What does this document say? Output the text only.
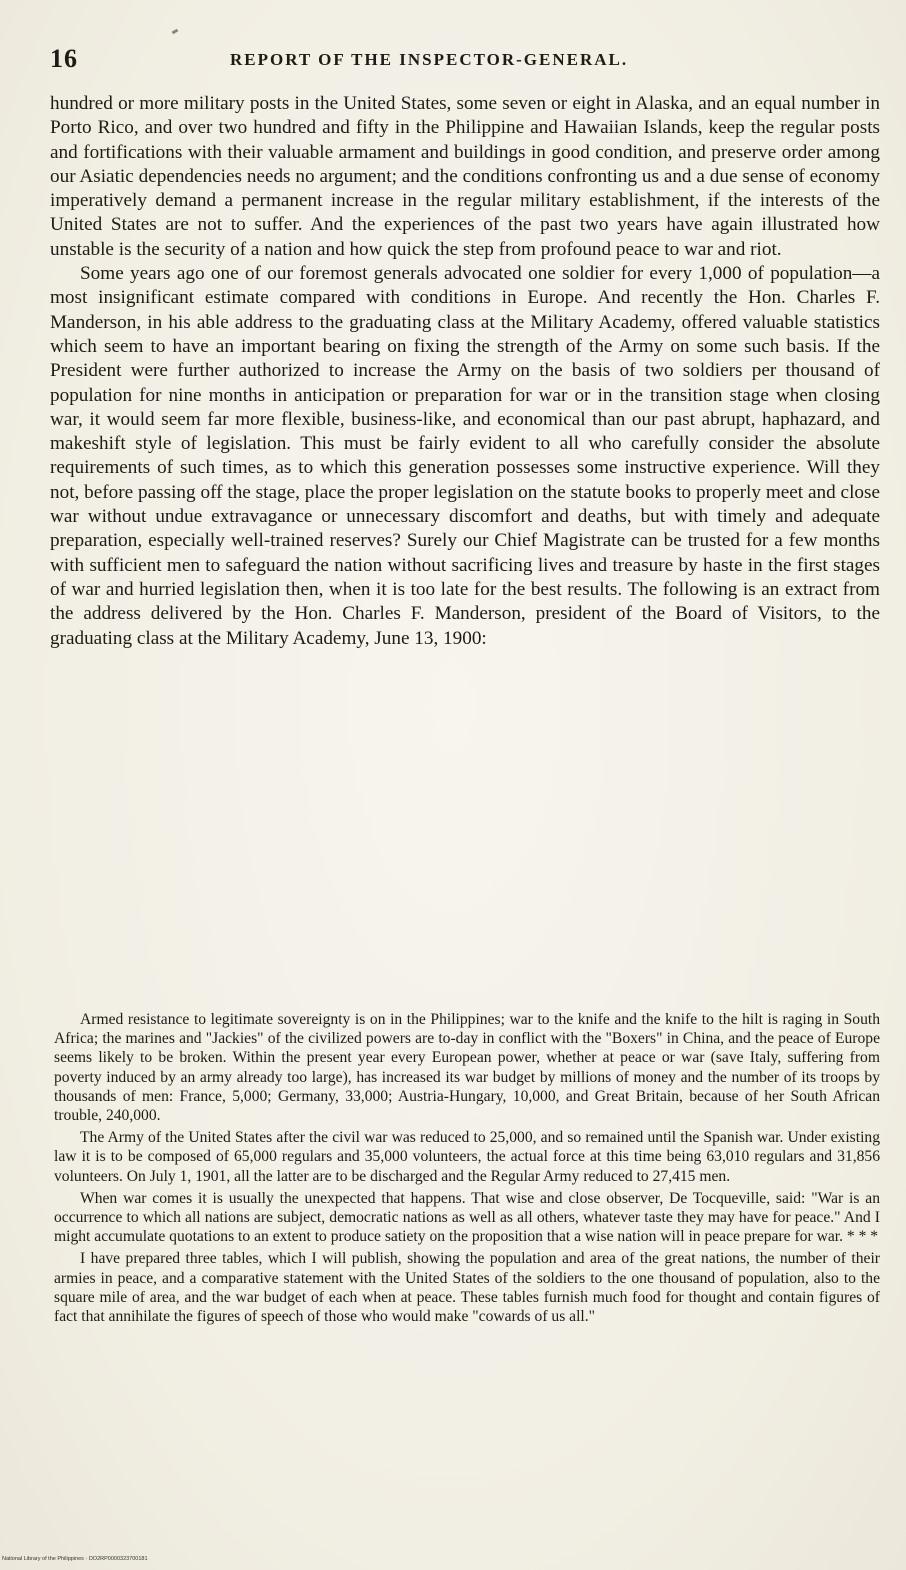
16	REPORT OF THE INSPECTOR-GENERAL.

hundred or more military posts in the United States, some seven or eight in Alaska, and an equal number in Porto Rico, and over two hundred and fifty in the Philippine and Hawaiian Islands, keep the regular posts and fortifications with their valuable armament and buildings in good condition, and preserve order among our Asiatic dependencies needs no argument; and the conditions confronting us and a due sense of economy imperatively demand a permanent increase in the regular military establishment, if the interests of the United States are not to suffer. And the experiences of the past two years have again illustrated how unstable is the security of a nation and how quick the step from profound peace to war and riot.

Some years ago one of our foremost generals advocated one soldier for every 1,000 of population—a most insignificant estimate compared with conditions in Europe. And recently the Hon. Charles F. Manderson, in his able address to the graduating class at the Military Academy, offered valuable statistics which seem to have an important bearing on fixing the strength of the Army on some such basis. If the President were further authorized to increase the Army on the basis of two soldiers per thousand of population for nine months in anticipation or preparation for war or in the transition stage when closing war, it would seem far more flexible, business-like, and economical than our past abrupt, haphazard, and makeshift style of legislation. This must be fairly evident to all who carefully consider the absolute requirements of such times, as to which this generation possesses some instructive experience. Will they not, before passing off the stage, place the proper legislation on the statute books to properly meet and close war without undue extravagance or unnecessary discomfort and deaths, but with timely and adequate preparation, especially well-trained reserves? Surely our Chief Magistrate can be trusted for a few months with sufficient men to safeguard the nation without sacrificing lives and treasure by haste in the first stages of war and hurried legislation then, when it is too late for the best results. The following is an extract from the address delivered by the Hon. Charles F. Manderson, president of the Board of Visitors, to the graduating class at the Military Academy, June 13, 1900:

Armed resistance to legitimate sovereignty is on in the Philippines; war to the knife and the knife to the hilt is raging in South Africa; the marines and "Jackies" of the civilized powers are to-day in conflict with the "Boxers" in China, and the peace of Europe seems likely to be broken. Within the present year every European power, whether at peace or war (save Italy, suffering from poverty induced by an army already too large), has increased its war budget by millions of money and the number of its troops by thousands of men: France, 5,000; Germany, 33,000; Austria-Hungary, 10,000, and Great Britain, because of her South African trouble, 240,000.

The Army of the United States after the civil war was reduced to 25,000, and so remained until the Spanish war. Under existing law it is to be composed of 65,000 regulars and 35,000 volunteers, the actual force at this time being 63,010 regulars and 31,856 volunteers. On July 1, 1901, all the latter are to be discharged and the Regular Army reduced to 27,415 men.

When war comes it is usually the unexpected that happens. That wise and close observer, De Tocqueville, said: "War is an occurrence to which all nations are subject, democratic nations as well as all others, whatever taste they may have for peace." And I might accumulate quotations to an extent to produce satiety on the proposition that a wise nation will in peace prepare for war. * * *

I have prepared three tables, which I will publish, showing the population and area of the great nations, the number of their armies in peace, and a comparative statement with the United States of the soldiers to the one thousand of population, also to the square mile of area, and the war budget of each when at peace. These tables furnish much food for thought and contain figures of fact that annihilate the figures of speech of those who would make "cowards of us all."

National Library of the Philippines · DO2RP0000323700181
